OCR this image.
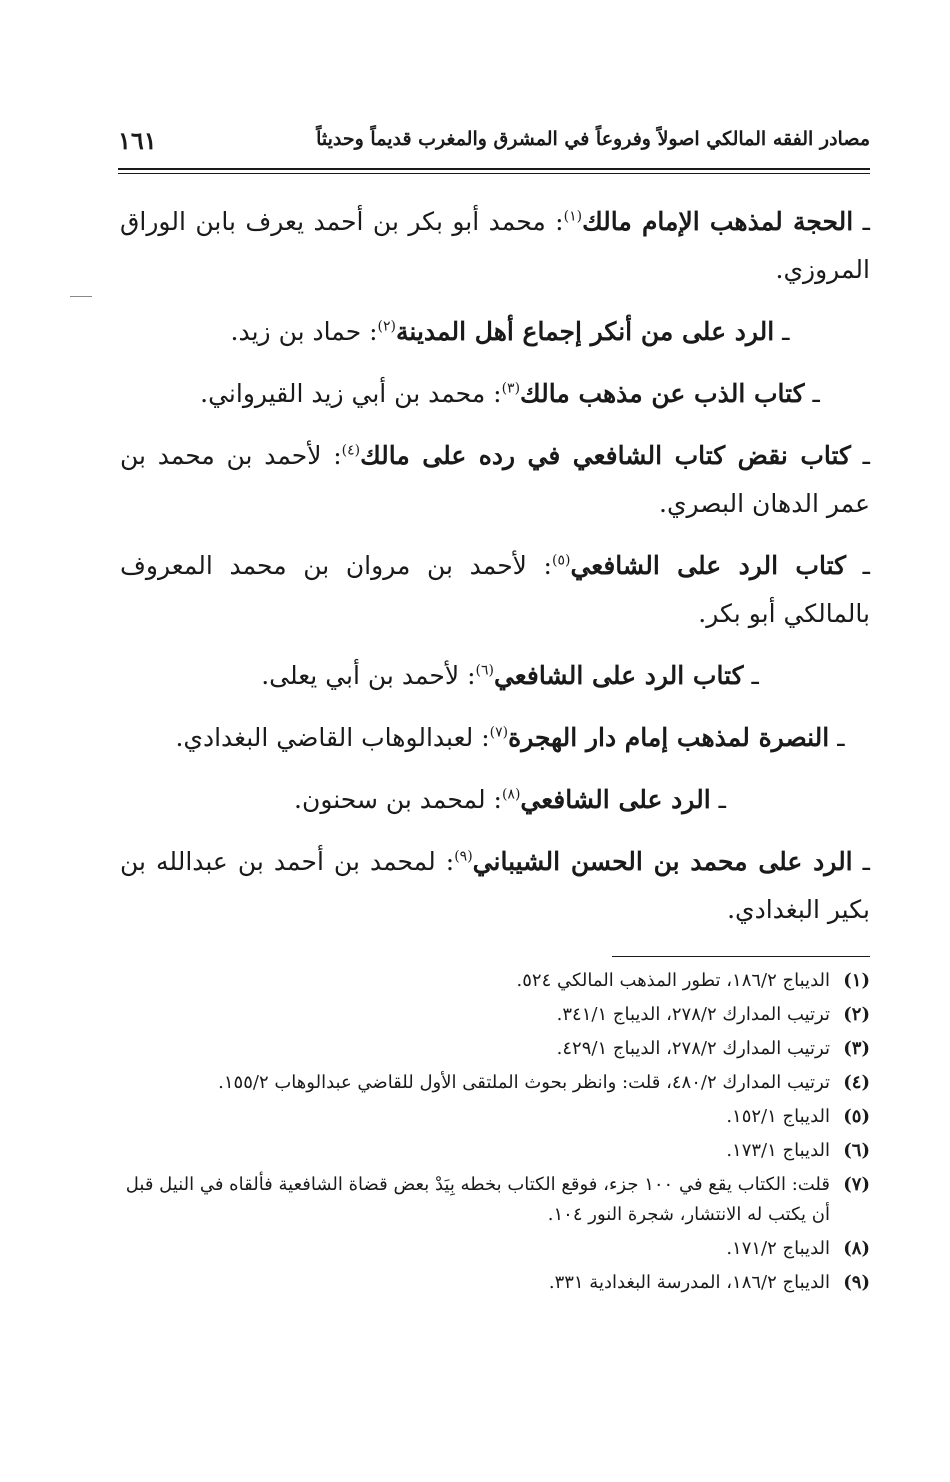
مصادر الفقه المالكي اصولاً وفروعاً في المشرق والمغرب قديماً وحديثاً
١٦١

ـ الحجة لمذهب الإمام مالك$^{(١)}$: محمد أبو بكر بن أحمد يعرف بابن الوراق المروزي.

ـ الرد على من أنكر إجماع أهل المدينة$^{(٢)}$: حماد بن زيد.

ـ كتاب الذب عن مذهب مالك$^{(٣)}$: محمد بن أبي زيد القيرواني.

ـ كتاب نقض كتاب الشافعي في رده على مالك$^{(٤)}$: لأحمد بن محمد بن عمر الدهان البصري.

ـ كتاب الرد على الشافعي$^{(٥)}$: لأحمد بن مروان بن محمد المعروف بالمالكي أبو بكر.

ـ كتاب الرد على الشافعي$^{(٦)}$: لأحمد بن أبي يعلى.

ـ النصرة لمذهب إمام دار الهجرة$^{(٧)}$: لعبدالوهاب القاضي البغدادي.

ـ الرد على الشافعي$^{(٨)}$: لمحمد بن سحنون.

ـ الرد على محمد بن الحسن الشيباني$^{(٩)}$: لمحمد بن أحمد بن عبدالله بن بكير البغدادي.

(١)
الديباج ١٨٦/٢، تطور المذهب المالكي ٥٢٤.
(٢)
ترتيب المدارك ٢٧٨/٢، الديباج ٣٤١/١.
(٣)
ترتيب المدارك ٢٧٨/٢، الديباج ٤٢٩/١.
(٤)
ترتيب المدارك ٤٨٠/٢، قلت: وانظر بحوث الملتقى الأول للقاضي عبدالوهاب ١٥٥/٢.
(٥)
الديباج ١٥٢/١.
(٦)
الديباج ١٧٣/١.
(٧)
قلت: الكتاب يقع في ١٠٠ جزء، فوقع الكتاب بخطه بِيَدْ بعض قضاة الشافعية فألقاه في النيل قبل أن يكتب له الانتشار، شجرة النور ١٠٤.
(٨)
الديباج ١٧١/٢.
(٩)
الديباج ١٨٦/٢، المدرسة البغدادية ٣٣١.
